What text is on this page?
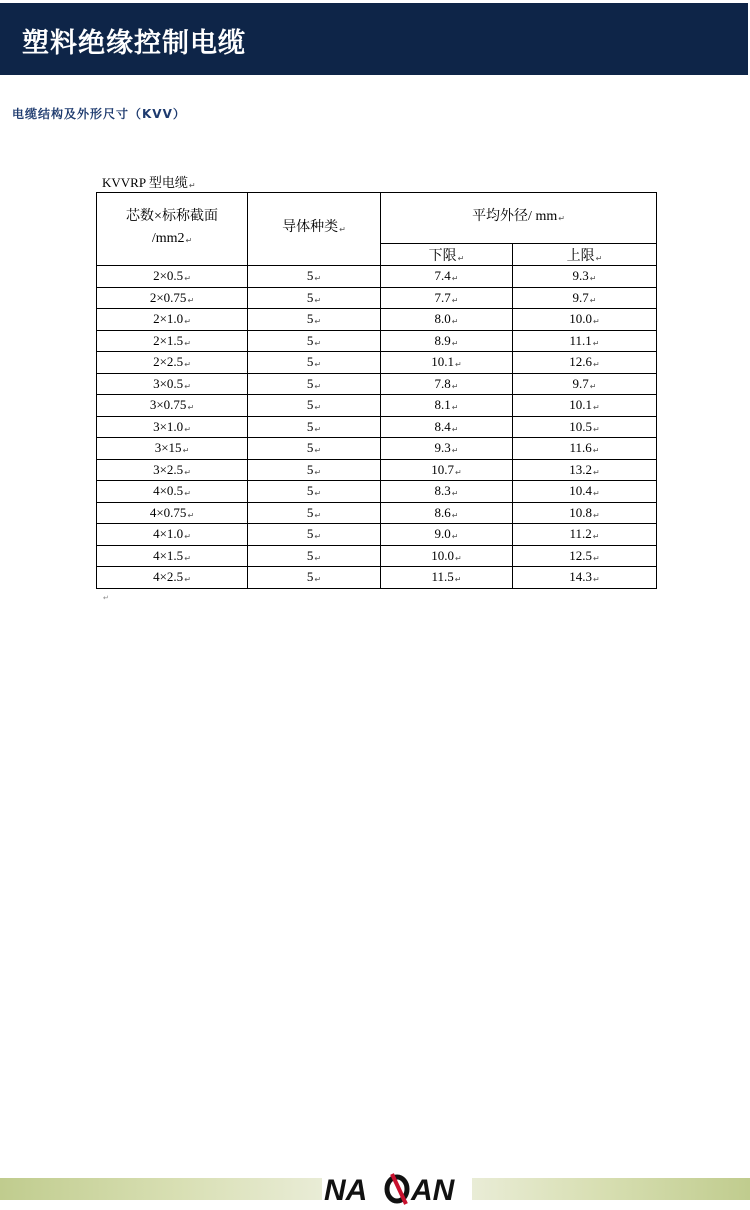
塑料绝缘控制电缆
电缆结构及外形尺寸（KVV）
KVVRP 型电缆↵
芯数×标称截面
/mm2↵	导体种类↵	平均外径/ mm↵	
		下限↵	上限↵
2×0.5↵	5↵	7.4↵	9.3↵
2×0.75↵	5↵	7.7↵	9.7↵
2×1.0↵	5↵	8.0↵	10.0↵
2×1.5↵	5↵	8.9↵	11.1↵
2×2.5↵	5↵	10.1↵	12.6↵
3×0.5↵	5↵	7.8↵	9.7↵
3×0.75↵	5↵	8.1↵	10.1↵
3×1.0↵	5↵	8.4↵	10.5↵
3×15↵	5↵	9.3↵	11.6↵
3×2.5↵	5↵	10.7↵	13.2↵
4×0.5↵	5↵	8.3↵	10.4↵
4×0.75↵	5↵	8.6↵	10.8↵
4×1.0↵	5↵	9.0↵	11.2↵
4×1.5↵	5↵	10.0↵	12.5↵
4×2.5↵	5↵	11.5↵	14.3↵
↵
NA AN
